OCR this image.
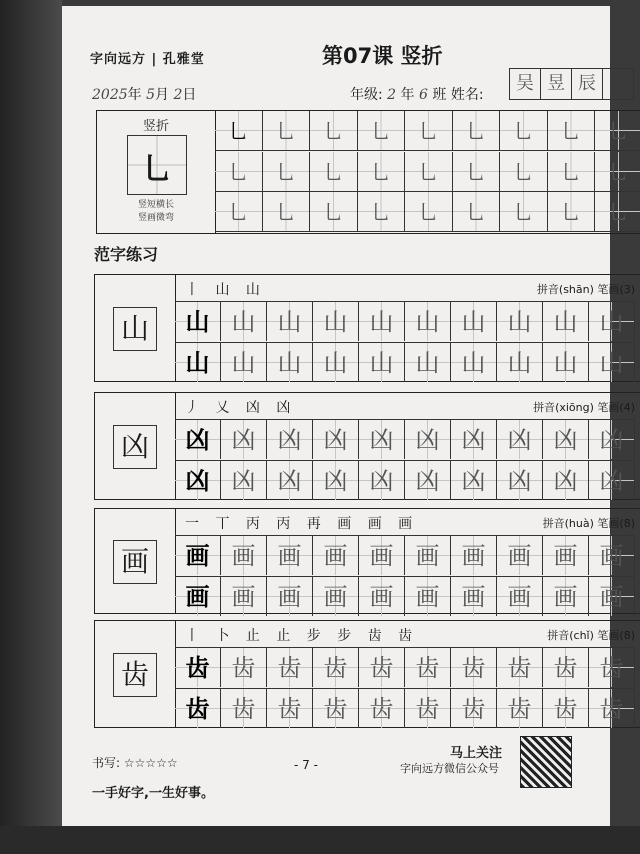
字向远方 | 孔雅堂	第07课 竖折
2025年 5月 2日	年级: 2 年 6 班 姓名:
吴 昱 辰
竖折
乚
竖短横长
竖画微弯
乚	乚	乚	乚	乚	乚	乚	乚	乚
乚	乚	乚	乚	乚	乚	乚	乚	乚
乚	乚	乚	乚	乚	乚	乚	乚	乚
范字练习
山
丨 山 山	拼音(shān) 笔画(3)
山 山 山 山 山 山 山 山 山 山
山 山 山 山 山 山 山 山 山 山
凶
丿 乂 凶 凶	拼音(xiōng) 笔画(4)
凶 凶 凶 凶 凶 凶 凶 凶 凶 凶
凶 凶 凶 凶 凶 凶 凶 凶 凶 凶
画
一 丅 丙 丙 再 画 画 画	拼音(huà) 笔画(8)
画 画 画 画 画 画 画 画 画 画
画 画 画 画 画 画 画 画 画 画
齿
丨 卜 止 止 步 步 齿 齿	拼音(chǐ) 笔画(8)
齿 齿 齿 齿 齿 齿 齿 齿 齿 齿
齿 齿 齿 齿 齿 齿 齿 齿 齿 齿
书写: ☆☆☆☆☆
一手好字,一生好事。
- 7 -
马上关注
字向远方微信公众号
